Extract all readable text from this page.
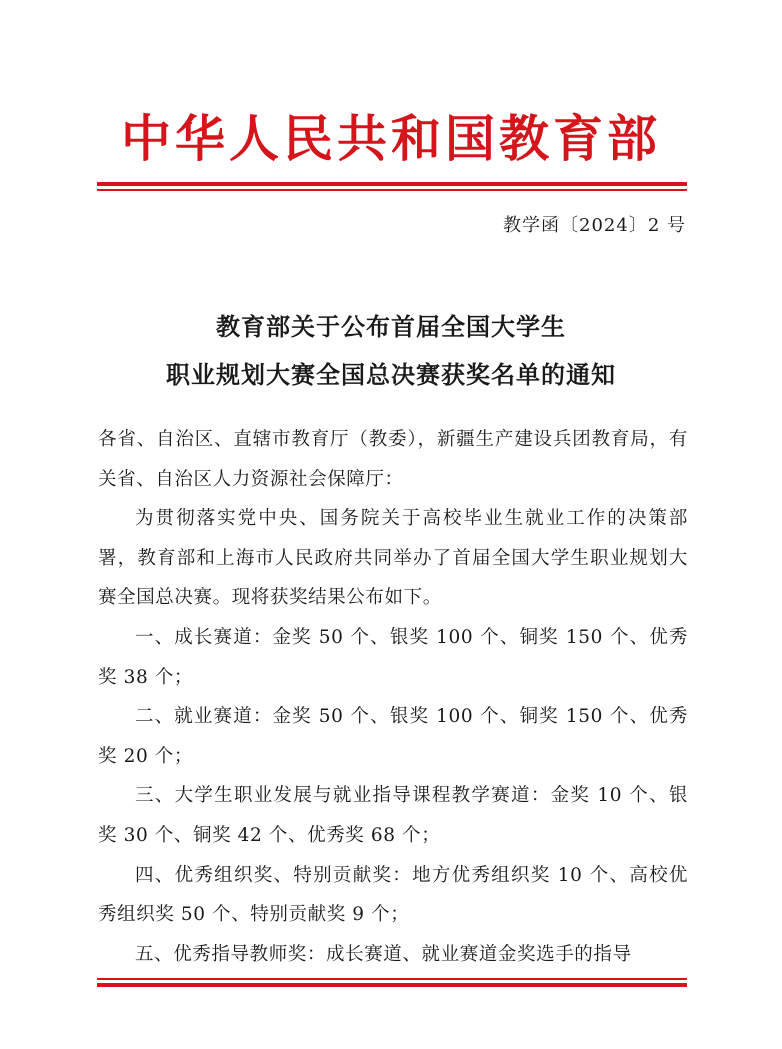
中华人民共和国教育部
教学函〔2024〕2 号
教育部关于公布首届全国大学生
职业规划大赛全国总决赛获奖名单的通知

各省、自治区、直辖市教育厅（教委），新疆生产建设兵团教育局，有关省、自治区人力资源社会保障厅：

为贯彻落实党中央、国务院关于高校毕业生就业工作的决策部署，教育部和上海市人民政府共同举办了首届全国大学生职业规划大赛全国总决赛。现将获奖结果公布如下。

一、成长赛道：金奖 50 个、银奖 100 个、铜奖 150 个、优秀奖 38 个；

二、就业赛道：金奖 50 个、银奖 100 个、铜奖 150 个、优秀奖 20 个；

三、大学生职业发展与就业指导课程教学赛道：金奖 10 个、银奖 30 个、铜奖 42 个、优秀奖 68 个；

四、优秀组织奖、特别贡献奖：地方优秀组织奖 10 个、高校优秀组织奖 50 个、特别贡献奖 9 个；

五、优秀指导教师奖：成长赛道、就业赛道金奖选手的指导
